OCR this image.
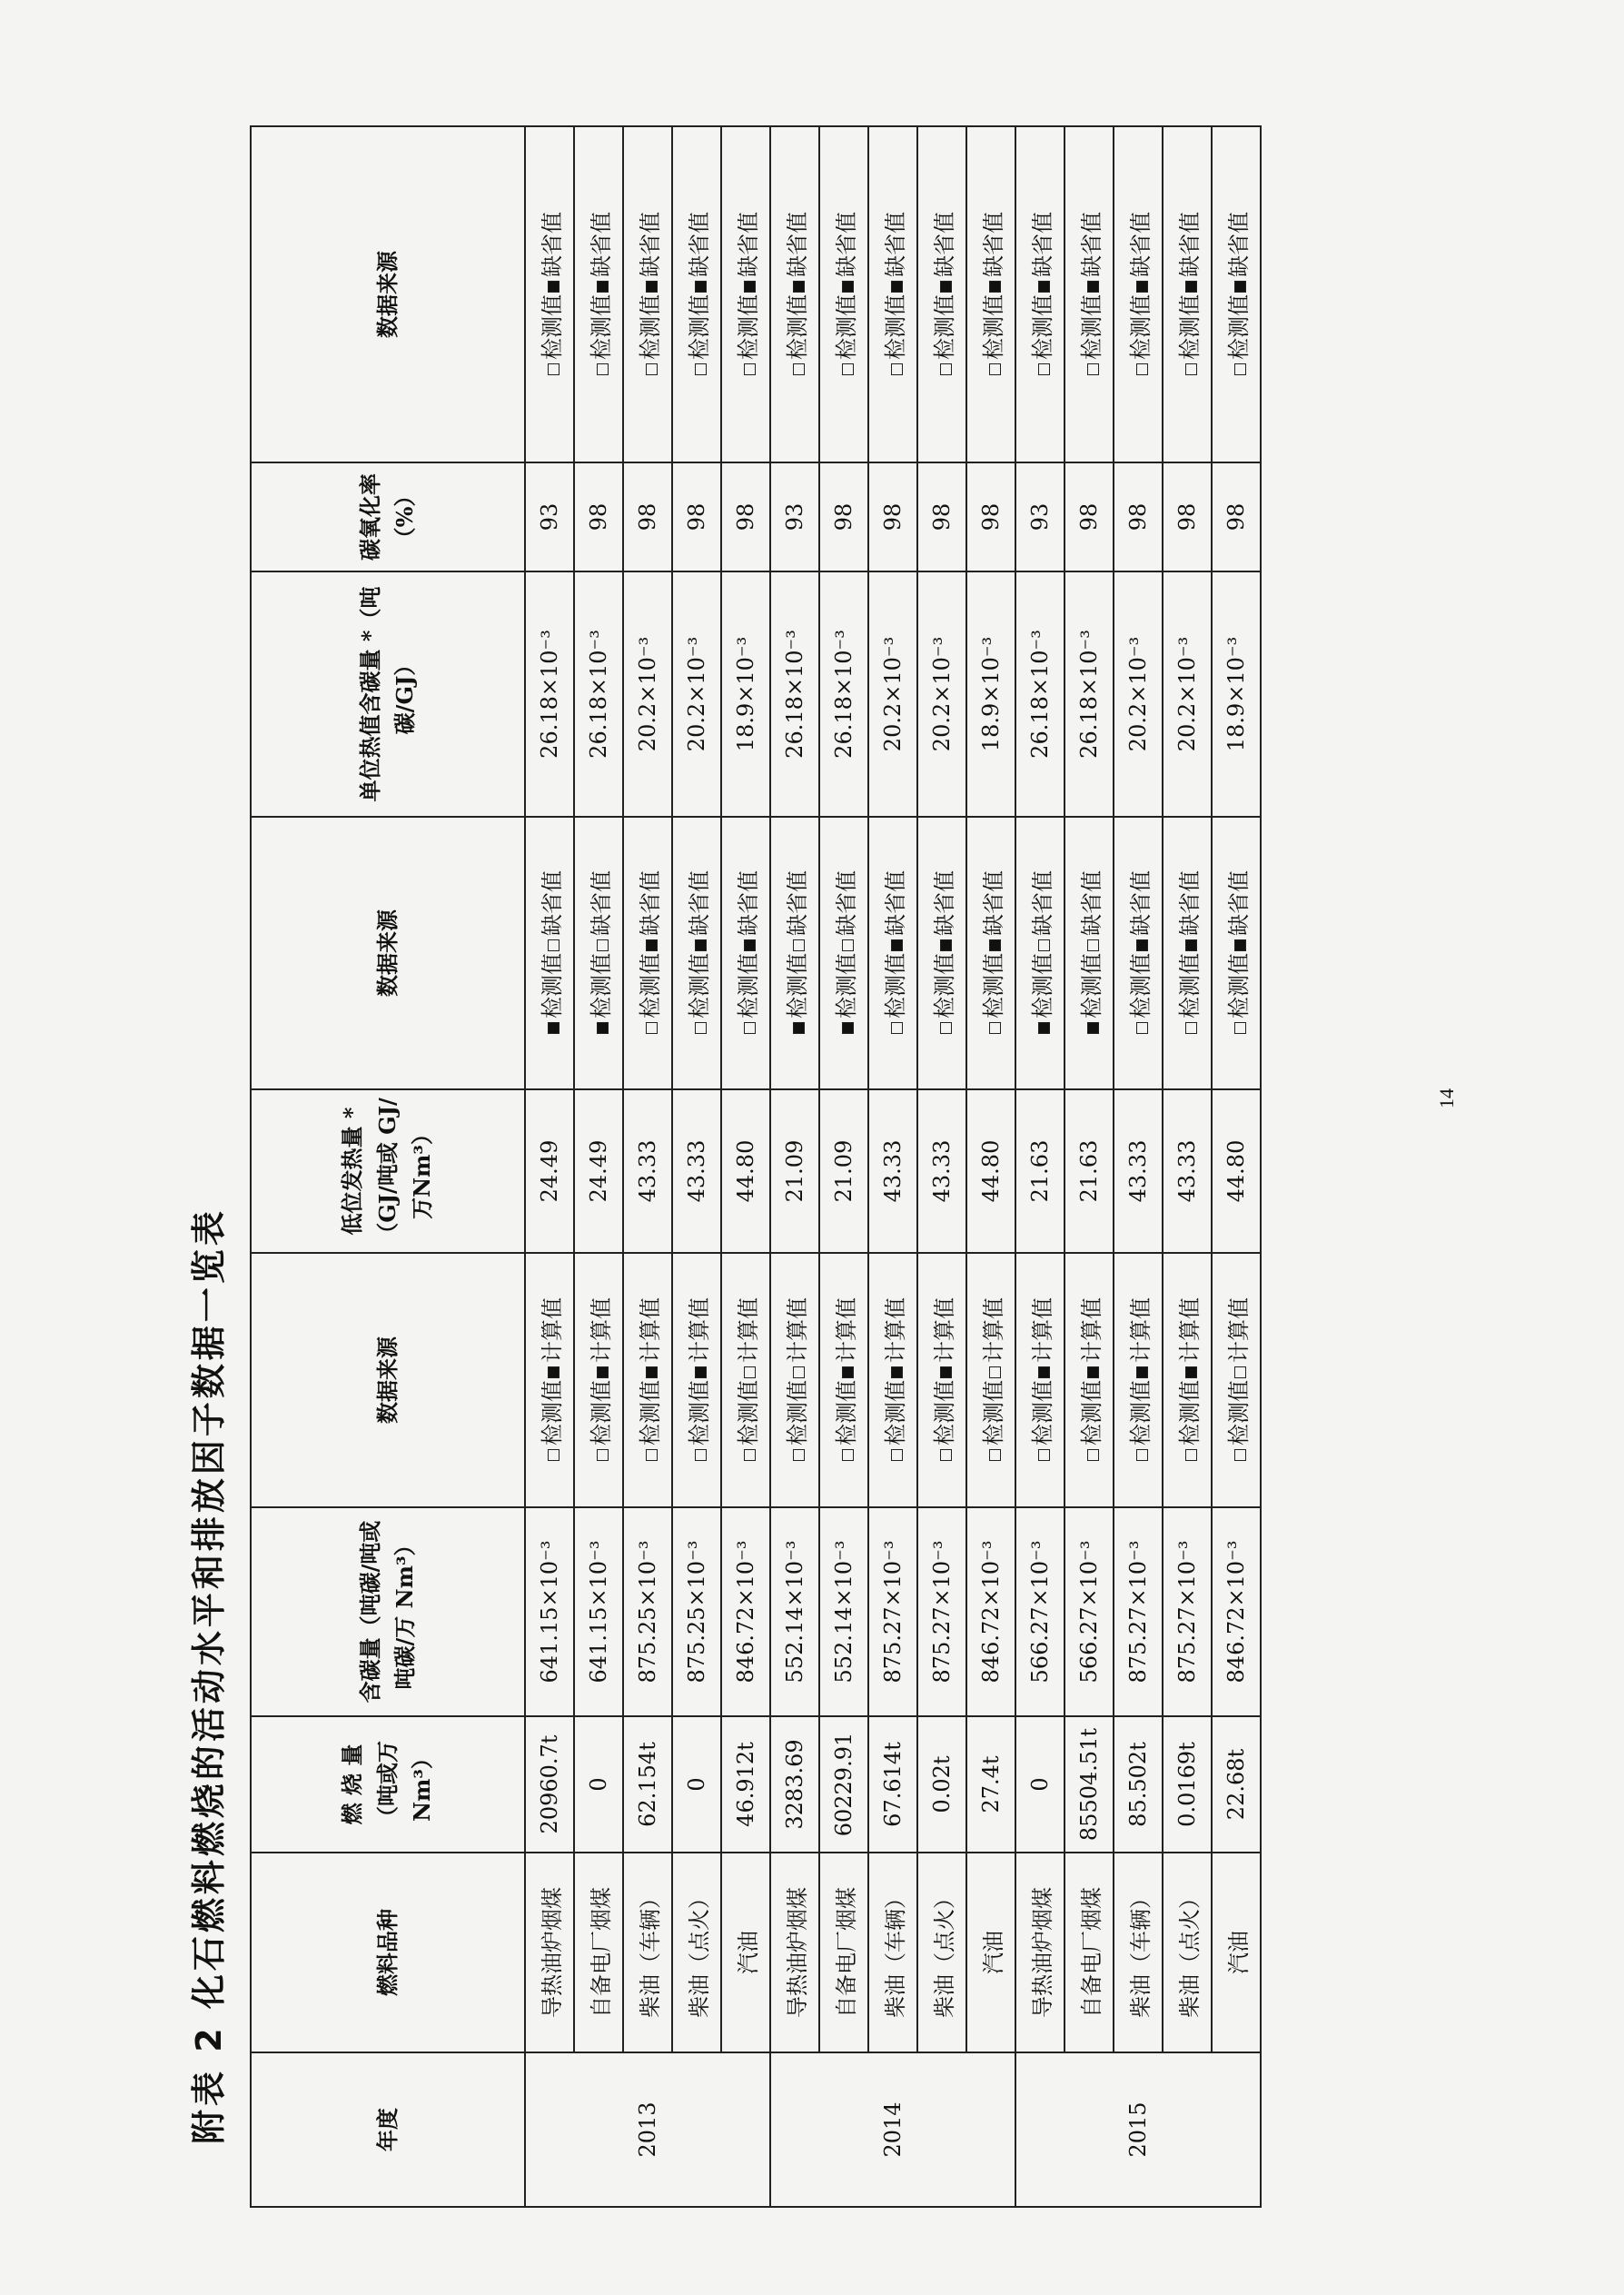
14
附表 2 化石燃料燃烧的活动水平和排放因子数据一览表	年度	燃料品种	燃 烧 量 （吨或万 Nm³）	含碳量（吨碳/吨或吨碳/万 Nm³）	数据来源	低位发热量 *（GJ/吨或 GJ/万Nm³）	数据来源	单位热值含碳量 *（吨碳/GJ）	碳氧化率（%）	数据来源
2013	导热油炉烟煤	20960.7t	641.15×10⁻³	检测值计算值	24.49	检测值缺省值	26.18×10⁻³	93	检测值缺省值
	自备电厂烟煤	0	641.15×10⁻³	检测值计算值	24.49	检测值缺省值	26.18×10⁻³	98	检测值缺省值
	柴油（车辆）	62.154t	875.25×10⁻³	检测值计算值	43.33	检测值缺省值	20.2×10⁻³	98	检测值缺省值
	柴油（点火）	0	875.25×10⁻³	检测值计算值	43.33	检测值缺省值	20.2×10⁻³	98	检测值缺省值
	汽油	46.912t	846.72×10⁻³	检测值计算值	44.80	检测值缺省值	18.9×10⁻³	98	检测值缺省值
2014	导热油炉烟煤	3283.69	552.14×10⁻³	检测值计算值	21.09	检测值缺省值	26.18×10⁻³	93	检测值缺省值
	自备电厂烟煤	60229.91	552.14×10⁻³	检测值计算值	21.09	检测值缺省值	26.18×10⁻³	98	检测值缺省值
	柴油（车辆）	67.614t	875.27×10⁻³	检测值计算值	43.33	检测值缺省值	20.2×10⁻³	98	检测值缺省值
	柴油（点火）	0.02t	875.27×10⁻³	检测值计算值	43.33	检测值缺省值	20.2×10⁻³	98	检测值缺省值
	汽油	27.4t	846.72×10⁻³	检测值计算值	44.80	检测值缺省值	18.9×10⁻³	98	检测值缺省值
2015	导热油炉烟煤	0	566.27×10⁻³	检测值计算值	21.63	检测值缺省值	26.18×10⁻³	93	检测值缺省值
	自备电厂烟煤	85504.51t	566.27×10⁻³	检测值计算值	21.63	检测值缺省值	26.18×10⁻³	98	检测值缺省值
	柴油（车辆）	85.502t	875.27×10⁻³	检测值计算值	43.33	检测值缺省值	20.2×10⁻³	98	检测值缺省值
	柴油（点火）	0.0169t	875.27×10⁻³	检测值计算值	43.33	检测值缺省值	20.2×10⁻³	98	检测值缺省值
	汽油	22.68t	846.72×10⁻³	检测值计算值	44.80	检测值缺省值	18.9×10⁻³	98	检测值缺省值
